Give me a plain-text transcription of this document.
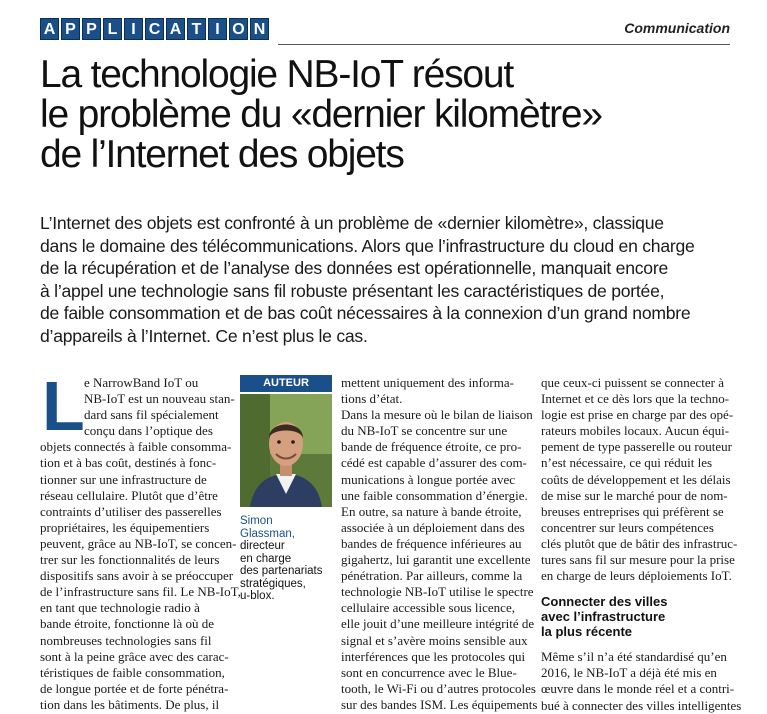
A P P L I C A T I O N	Communication
La technologie NB-IoT résout
le problème du «dernier kilomètre»
de l’Internet des objets
L’Internet des objets est confronté à un problème de «dernier kilomètre», classique
dans le domaine des télécommunications. Alors que l’infrastructure du cloud en charge
de la récupération et de l’analyse des données est opérationnelle, manquait encore
à l’appel une technologie sans fil robuste présentant les caractéristiques de portée,
de faible consommation et de bas coût nécessaires à la connexion d’un grand nombre
d’appareils à l’Internet. Ce n’est plus le cas.
L e NarrowBand IoT ou
NB-IoT est un nouveau stan-
dard sans fil spécialement
conçu dans l’optique des
objets connectés à faible consomma-
tion et à bas coût, destinés à fonc-
tionner sur une infrastructure de
réseau cellulaire. Plutôt que d’être
contraints d’utiliser des passerelles
propriétaires, les équipementiers
peuvent, grâce au NB-IoT, se concen-
trer sur les fonctionnalités de leurs
dispositifs sans avoir à se préoccuper
de l’infrastructure sans fil. Le NB-IoT,
en tant que technologie radio à
bande étroite, fonctionne là où de
nombreuses technologies sans fil
sont à la peine grâce avec des carac-
téristiques de faible consommation,
de longue portée et de forte pénétra-
tion dans les bâtiments. De plus, il
AUTEUR
Simon
Glassman,
directeur
en charge
des partenariats
stratégiques,
u-blox.
mettent uniquement des informa-
tions d’état.
Dans la mesure où le bilan de liaison
du NB-IoT se concentre sur une
bande de fréquence étroite, ce pro-
cédé est capable d’assurer des com-
munications à longue portée avec
une faible consommation d’énergie.
En outre, sa nature à bande étroite,
associée à un déploiement dans des
bandes de fréquence inférieures au
gigahertz, lui garantit une excellente
pénétration. Par ailleurs, comme la
technologie NB-IoT utilise le spectre
cellulaire accessible sous licence,
elle jouit d’une meilleure intégrité de
signal et s’avère moins sensible aux
interférences que les protocoles qui
sont en concurrence avec le Blue-
tooth, le Wi-Fi ou d’autres protocoles
sur des bandes ISM. Les équipements
que ceux-ci puissent se connecter à
Internet et ce dès lors que la techno-
logie est prise en charge par des opé-
rateurs mobiles locaux. Aucun équi-
pement de type passerelle ou routeur
n’est nécessaire, ce qui réduit les
coûts de développement et les délais
de mise sur le marché pour de nom-
breuses entreprises qui préfèrent se
concentrer sur leurs compétences
clés plutôt que de bâtir des infrastruc-
tures sans fil sur mesure pour la prise
en charge de leurs déploiements IoT.
Connecter des villes
avec l’infrastructure
la plus récente
Même s’il n’a été standardisé qu’en
2016, le NB-IoT a déjà été mis en
œuvre dans le monde réel et a contri-
bué à connecter des villes intelligentes
